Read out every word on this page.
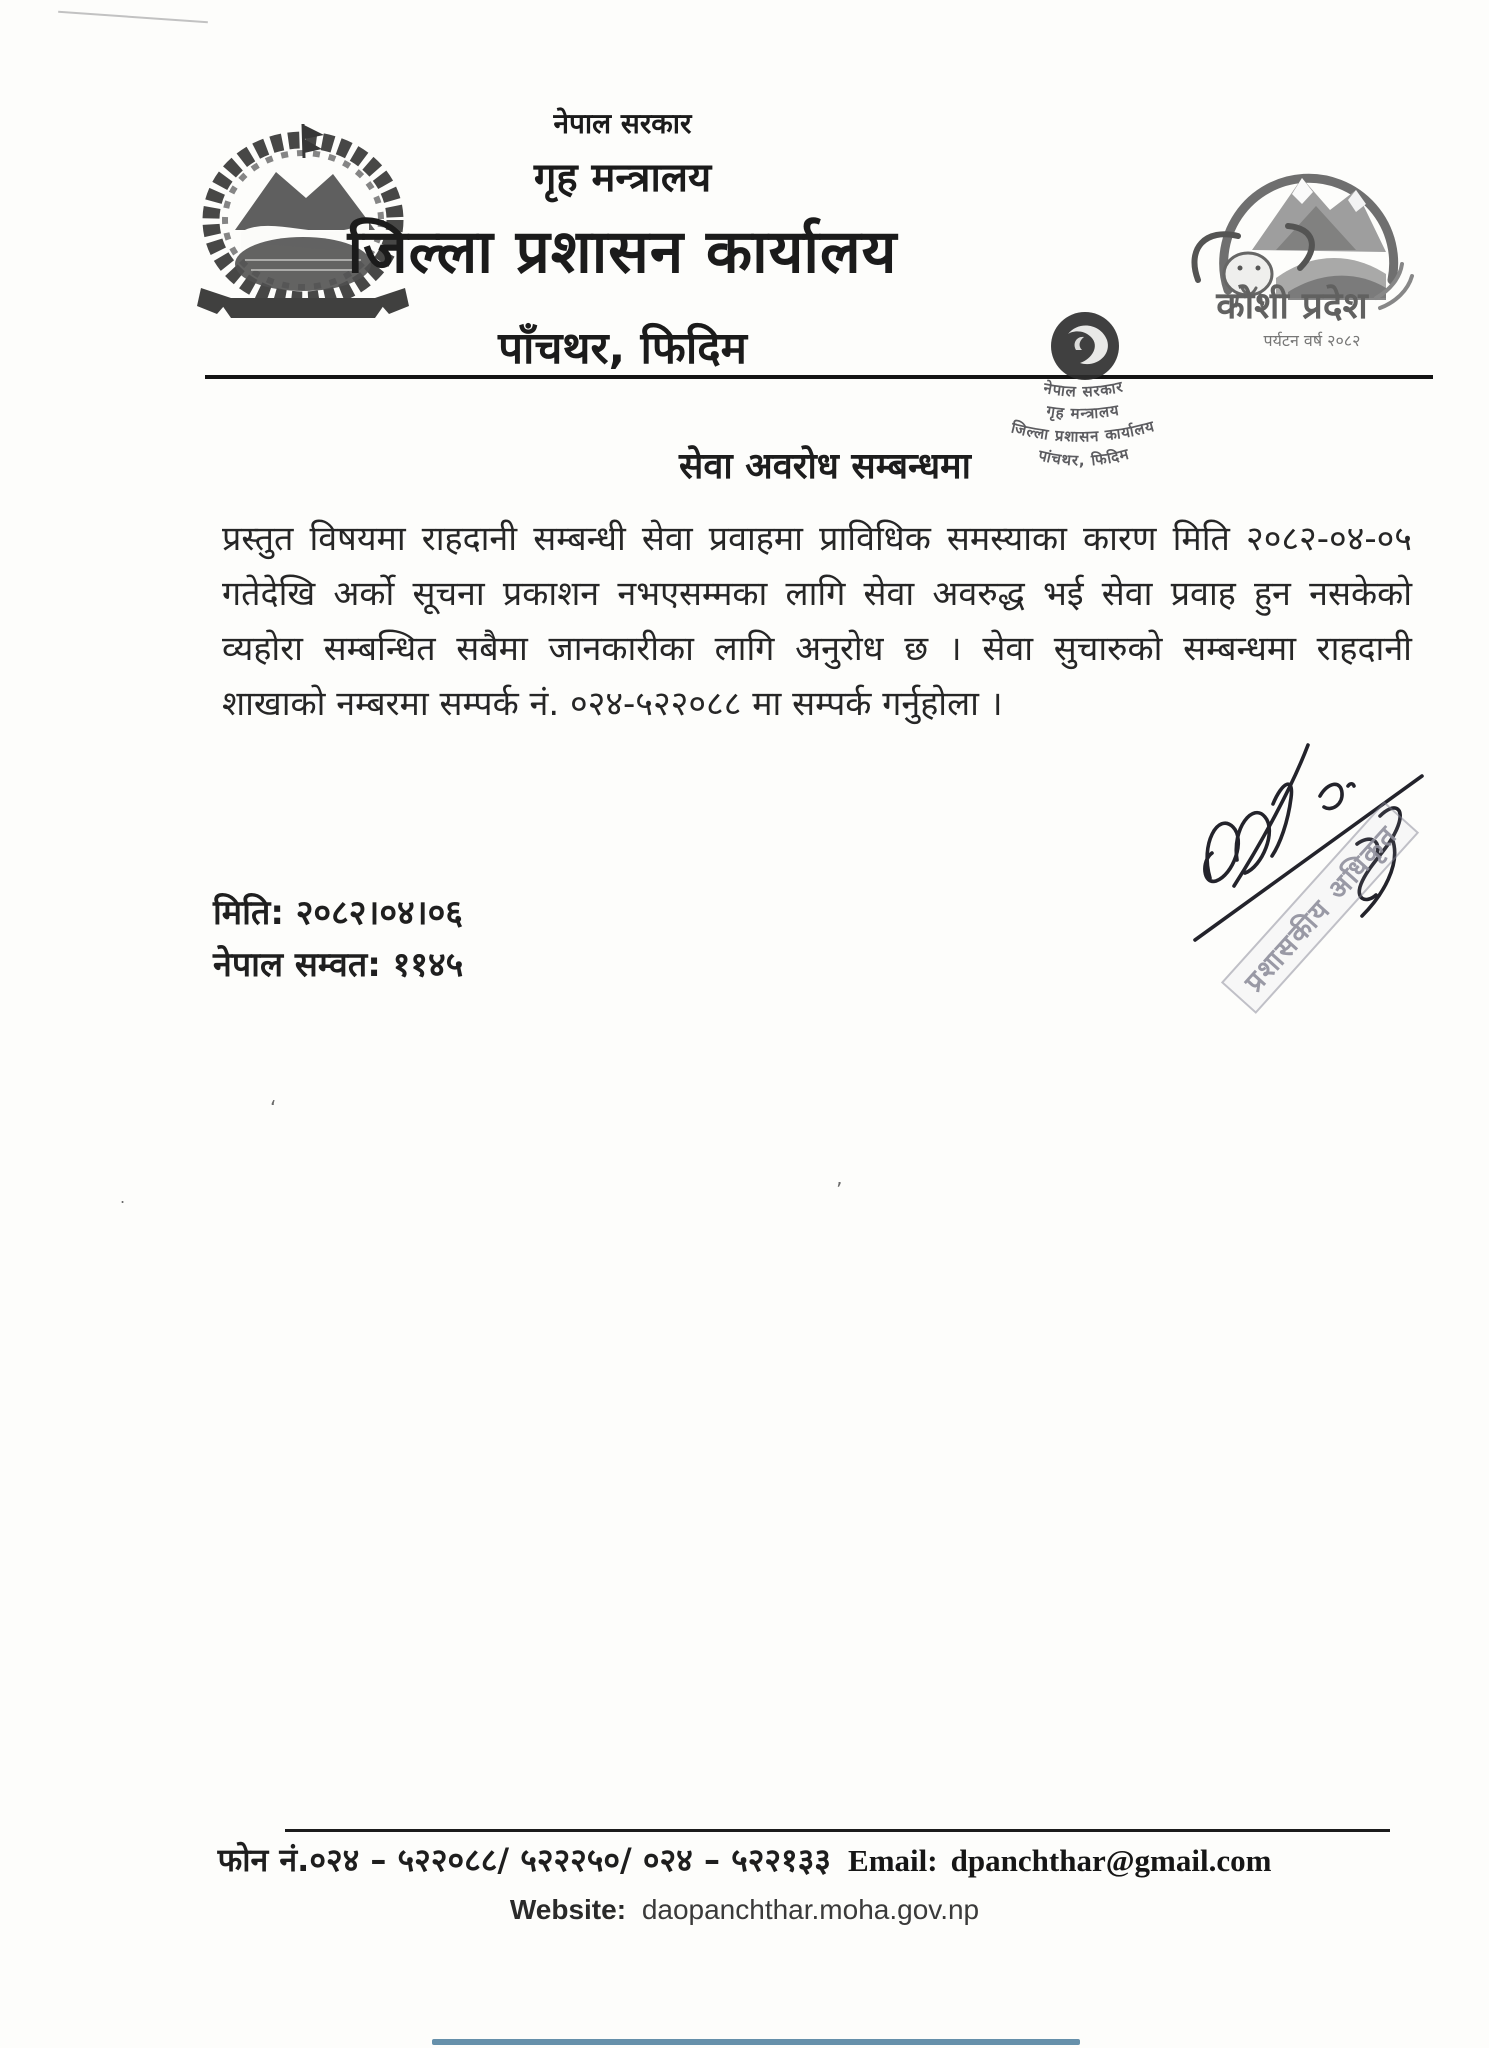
‘
’
.
नेपाल सरकार
गृह मन्त्रालय
जिल्ला प्रशासन कार्यालय
पाँचथर, फिदिम
कोशी प्रदेश
पर्यटन वर्ष २०८२
नेपाल सरकार
गृह मन्त्रालय
जिल्ला प्रशासन कार्यालय
पांचथर, फिदिम
सेवा अवरोध सम्बन्धमा

प्रस्तुत विषयमा राहदानी सम्बन्धी सेवा प्रवाहमा प्राविधिक समस्याका कारण मिति २०८२-०४-०५ गतेदेखि अर्को सूचना प्रकाशन नभएसम्मका लागि सेवा अवरुद्ध भई सेवा प्रवाह हुन नसकेको व्यहोरा सम्बन्धित सबैमा जानकारीका लागि अनुरोध छ । सेवा सुचारुको सम्बन्धमा राहदानी शाखाको नम्बरमा सम्पर्क नं. ०२४-५२२०८८ मा सम्पर्क गर्नुहोला ।

प्रशासकीय अधिकृत
मिति: २०८२।०४।०६
नेपाल सम्वत: ११४५
फोन नं.०२४ – ५२२०८८/ ५२२२५०/ ०२४ – ५२२१३३ Email: dpanchthar@gmail.com
Website: daopanchthar.moha.gov.np
